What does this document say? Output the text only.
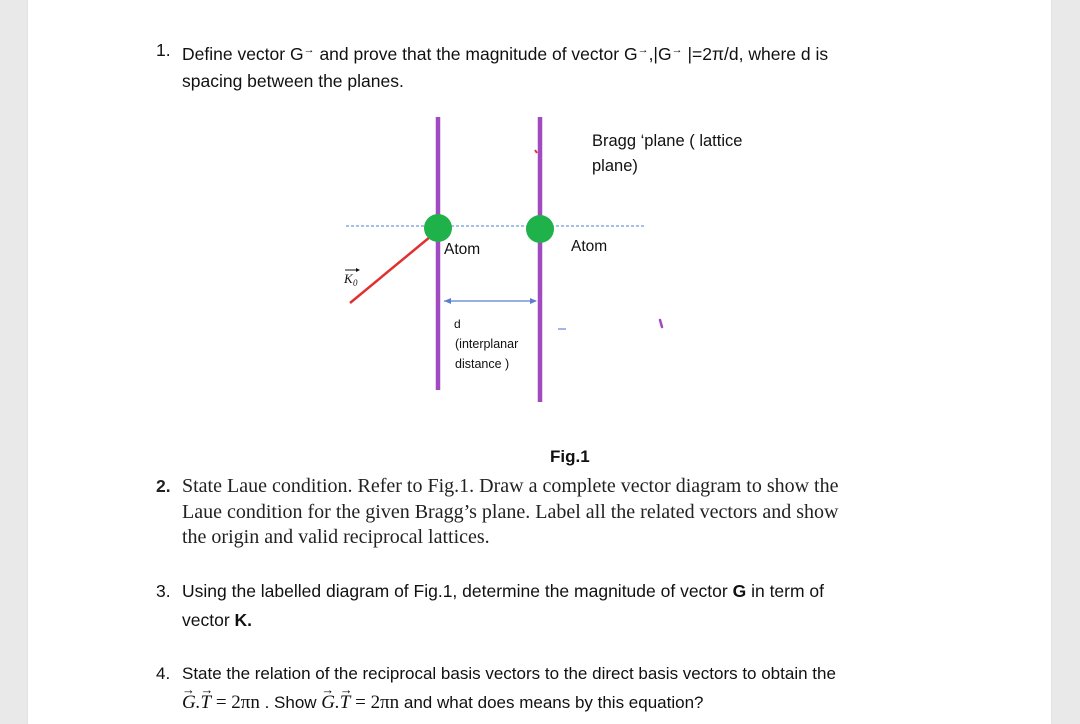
1. Define vector G→ and prove that the magnitude of vector G→,|G→ |=2π/d, where d is
spacing between the planes.
Bragg ‘plane ( lattice
plane)
Atom	Atom
d
(interplanar
distance )
K 0
Fig.1
2. State Laue condition. Refer to Fig.1. Draw a complete vector diagram to show the
Laue condition for the given Bragg’s plane. Label all the related vectors and show
the origin and valid reciprocal lattices.
3. Using the labelled diagram of Fig.1, determine the magnitude of vector G in term of
vector K.
4. State the relation of the reciprocal basis vectors to the direct basis vectors to obtain the
→ G.→ T = 2πn . Show → G.→ T = 2πn and what does means by this equation?
